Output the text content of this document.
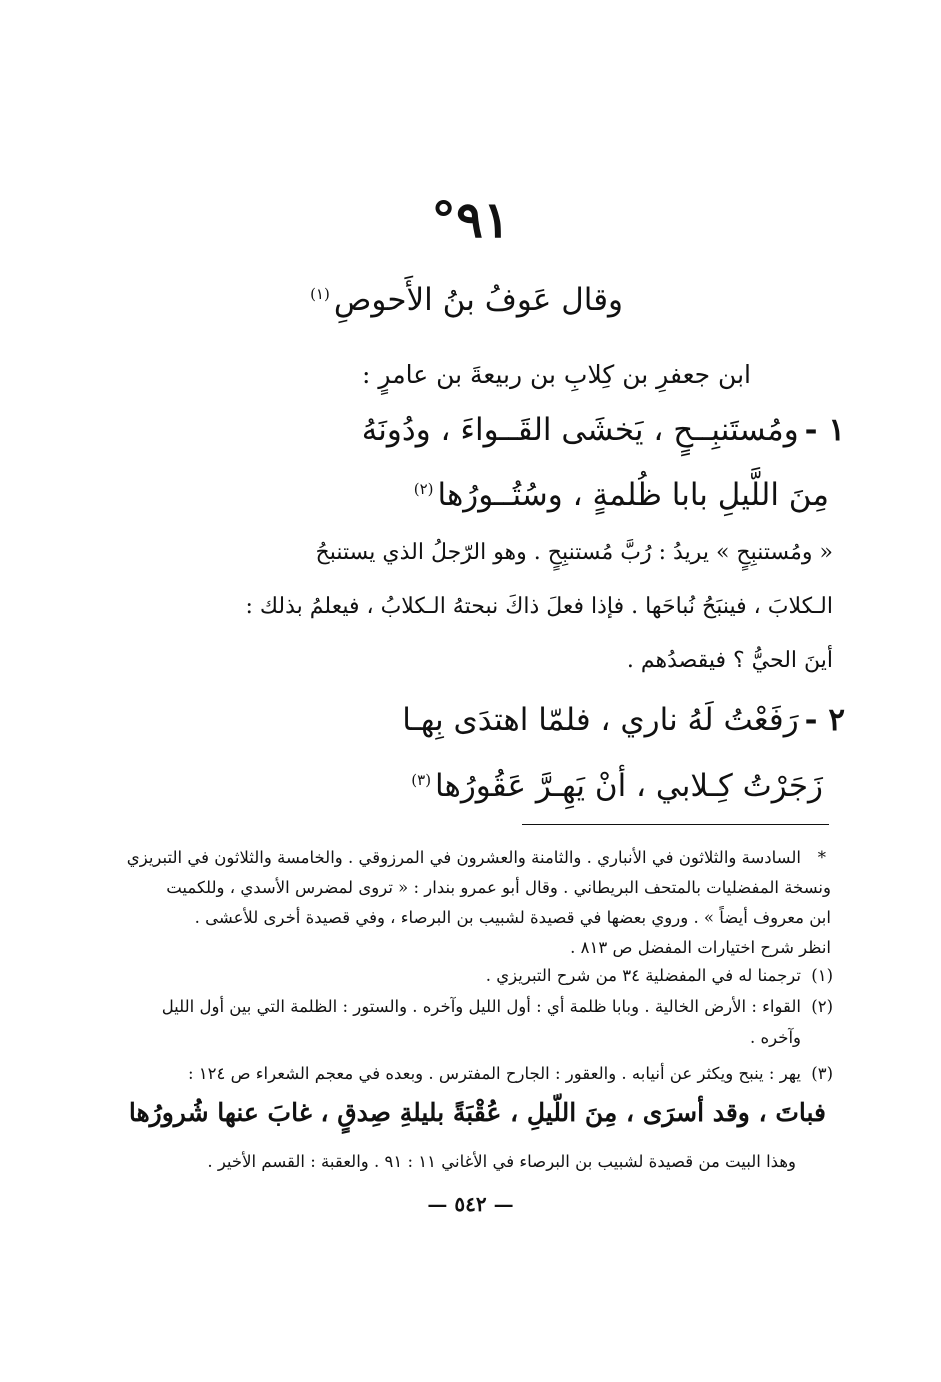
٩١°
وقال عَوفُ بنُ الأَحوصِ$^{(١)}$
ابن جعفرِ بن كِلابِ بن ربيعةَ بن عامرٍ :
١ -ومُستَنبِــحٍ ، يَخشَى القَــواءَ ، ودُونَهُ
مِنَ اللَّيلِ بابا ظُلمةٍ ، وسُتُــورُها$^{(٢)}$
« ومُستنبِحٍ » يريدُ : رُبَّ مُستنبِحٍ . وهو الرّجلُ الذي يستنبحُ
الـكلابَ ، فينبَحُ نُباحَها . فإذا فعلَ ذاكَ نبحتهُ الـكلابُ ، فيعلمُ بذلك :
أينَ الحيُّ ؟ فيقصدُهم .
٢ -رَفَعْتُ لَهُ ناري ، فلمّا اهتدَى بِهـا
زَجَرْتُ كِـلابي ، أنْ يَهِـرَّ عَقُورُها$^{(٣)}$
*
السادسة والثلاثون في الأنباري . والثامنة والعشرون في المرزوقي . والخامسة والثلاثون في التبريزي
ونسخة المفضليات بالمتحف البريطاني . وقال أبو عمرو بندار : « تروى لمضرس الأسدي ، وللكميت
ابن معروف أيضاً » . وروي بعضها في قصيدة لشبيب بن البرصاء ، وفي قصيدة أخرى للأعشى .
انظر شرح اختيارات المفضل ص ٨١٣ .
(١)
ترجمنا له في المفضلية ٣٤ من شرح التبريزي .
(٢)
القواء : الأرض الخالية . وبابا ظلمة أي : أول الليل وآخره . والستور : الظلمة التي بين أول الليل
وآخره .
(٣)
يهر : ينبح ويكثر عن أنيابه . والعقور : الجارح المفترس . وبعده في معجم الشعراء ص ١٢٤ :
فباتَ ، وقد أسرَى ، مِنَ اللّيلِ ، عُقْبَةً بليلةِ صِدقٍ ، غابَ عنها شُرورُها
وهذا البيت من قصيدة لشبيب بن البرصاء في الأغاني ١١ : ٩١ . والعقبة : القسم الأخير .
— ٥٤٢ —
